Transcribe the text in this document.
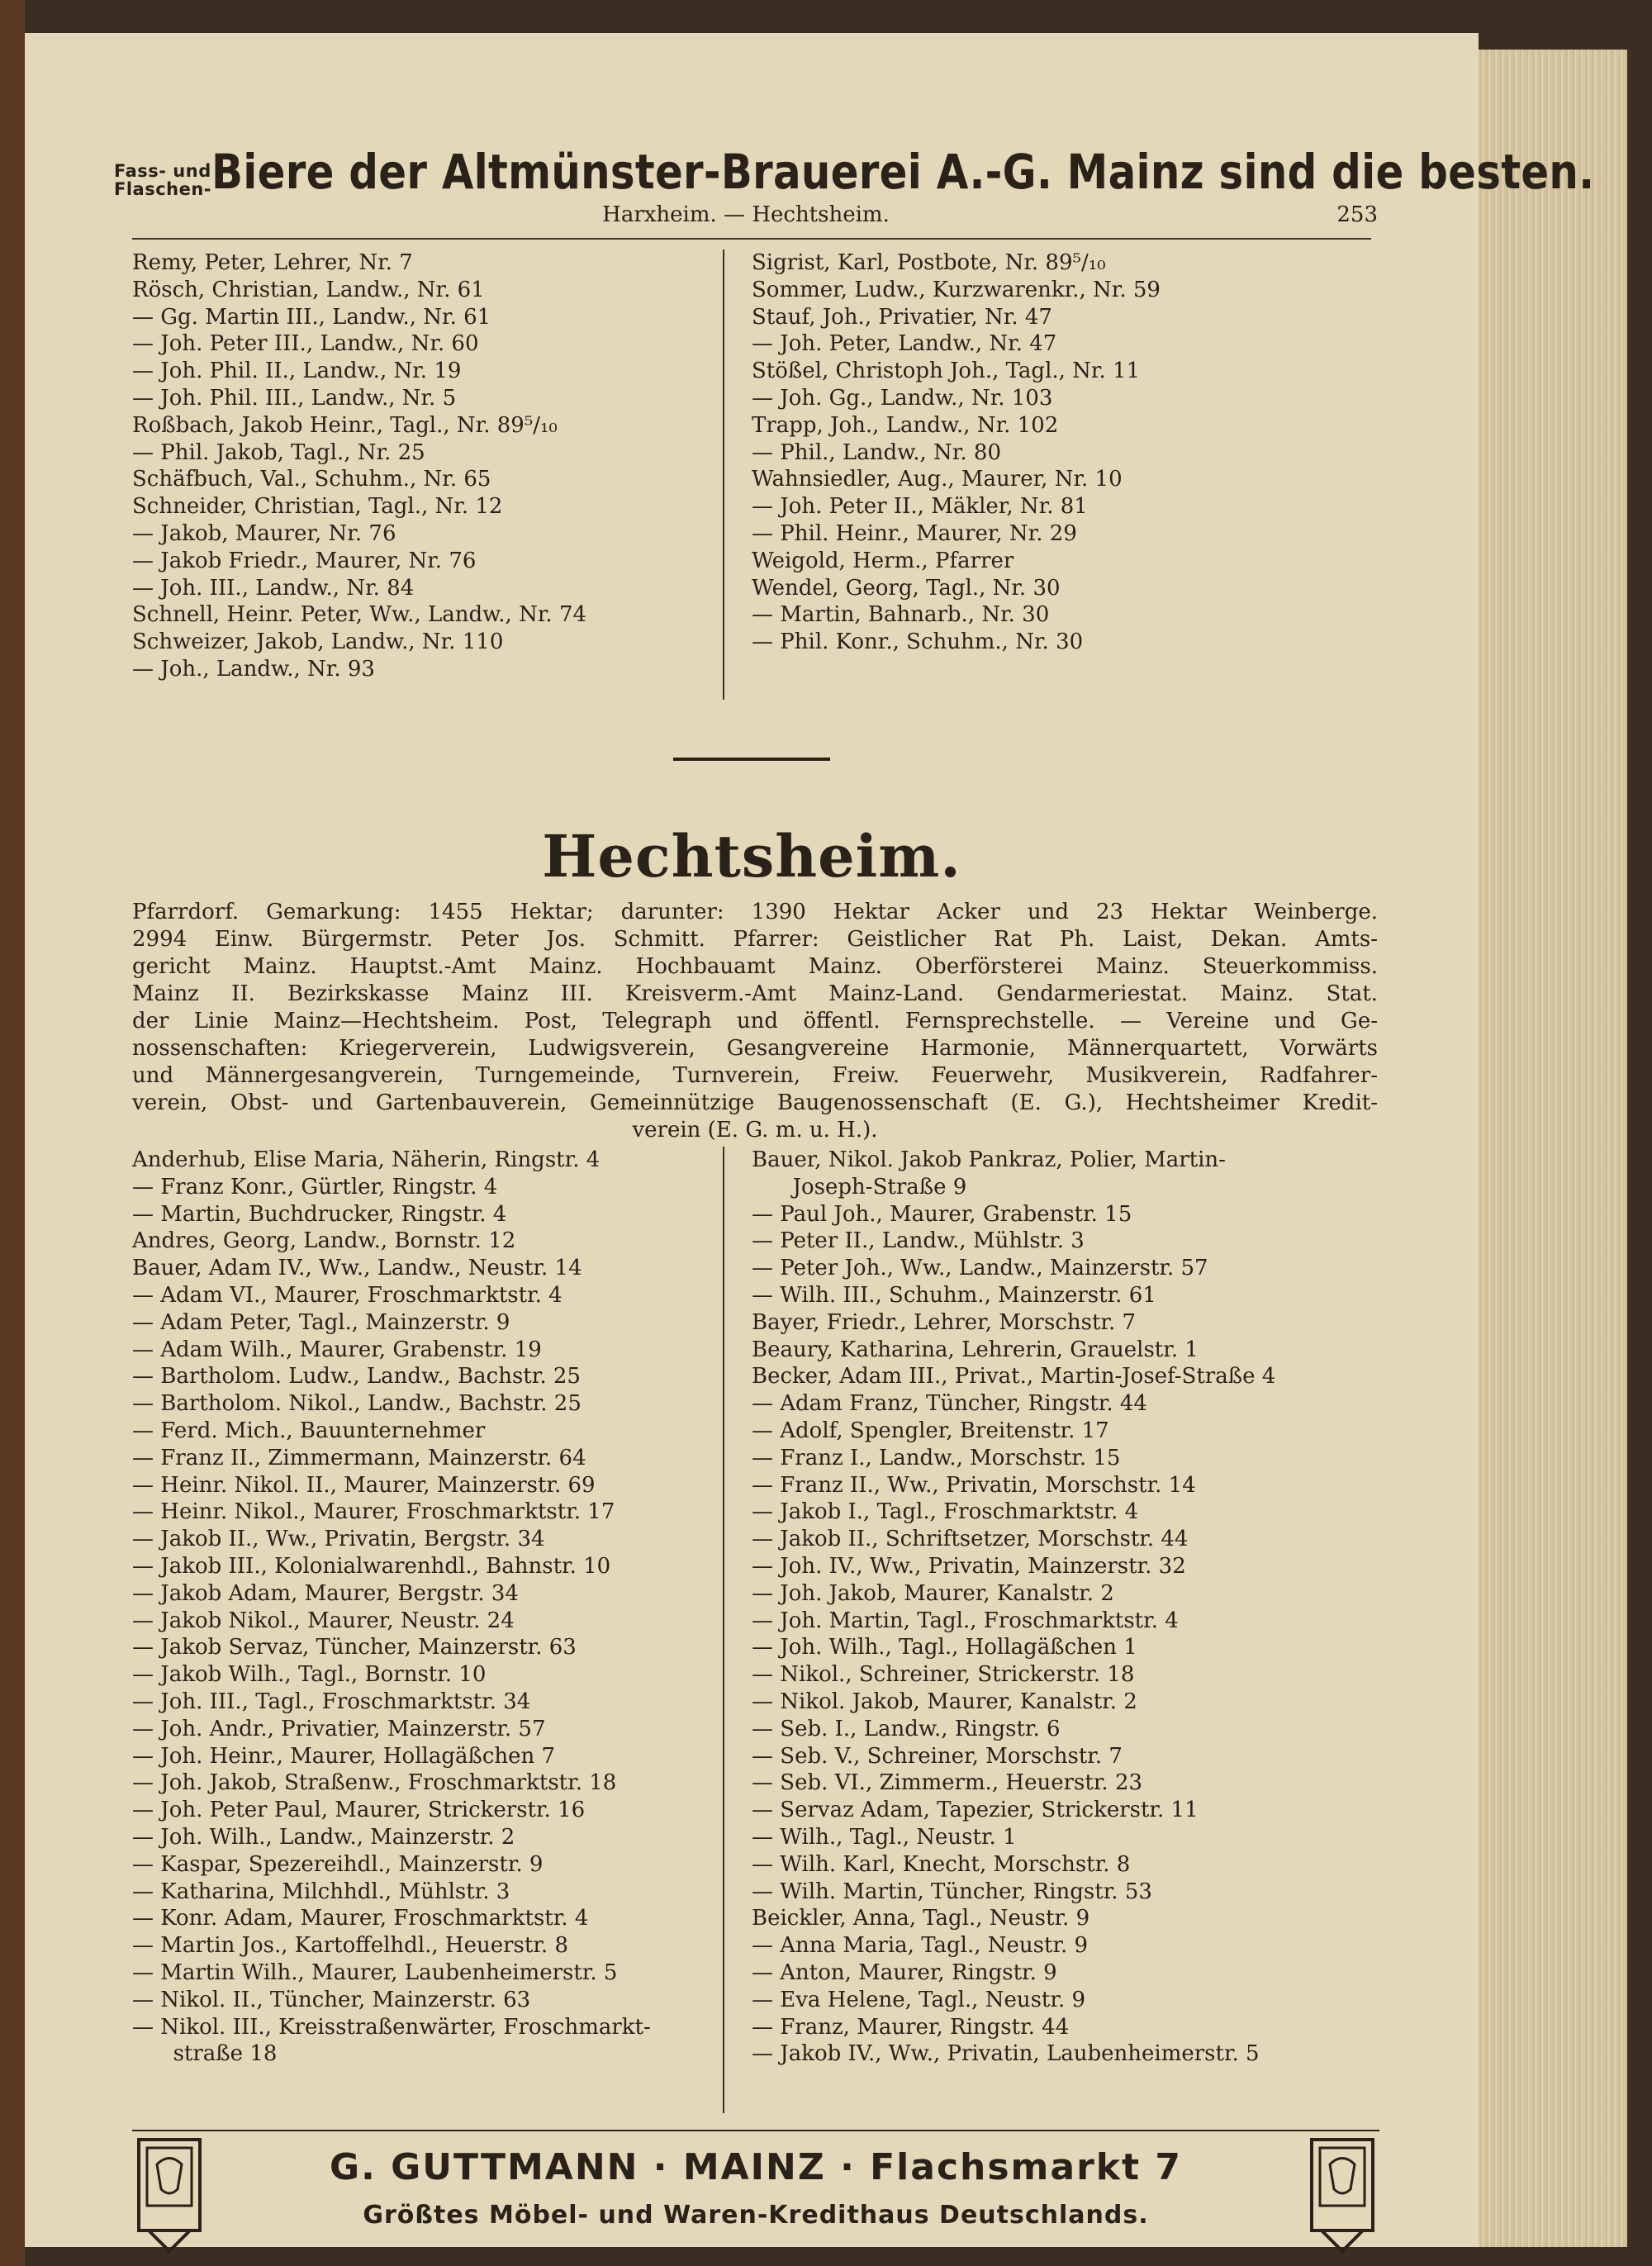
Fass- und
Flaschen- Biere der Altmünster-Brauerei A.-G. Mainz sind die besten.
Harxheim. — Hechtsheim.	253
Remy, Peter, Lehrer, Nr. 7
Rösch, Christian, Landw., Nr. 61
— Gg. Martin III., Landw., Nr. 61
— Joh. Peter III., Landw., Nr. 60
— Joh. Phil. II., Landw., Nr. 19
— Joh. Phil. III., Landw., Nr. 5
Roßbach, Jakob Heinr., Tagl., Nr. 89⁵/₁₀
— Phil. Jakob, Tagl., Nr. 25
Schäfbuch, Val., Schuhm., Nr. 65
Schneider, Christian, Tagl., Nr. 12
— Jakob, Maurer, Nr. 76
— Jakob Friedr., Maurer, Nr. 76
— Joh. III., Landw., Nr. 84
Schnell, Heinr. Peter, Ww., Landw., Nr. 74
Schweizer, Jakob, Landw., Nr. 110
— Joh., Landw., Nr. 93
Sigrist, Karl, Postbote, Nr. 89⁵/₁₀
Sommer, Ludw., Kurzwarenkr., Nr. 59
Stauf, Joh., Privatier, Nr. 47
— Joh. Peter, Landw., Nr. 47
Stößel, Christoph Joh., Tagl., Nr. 11
— Joh. Gg., Landw., Nr. 103
Trapp, Joh., Landw., Nr. 102
— Phil., Landw., Nr. 80
Wahnsiedler, Aug., Maurer, Nr. 10
— Joh. Peter II., Mäkler, Nr. 81
— Phil. Heinr., Maurer, Nr. 29
Weigold, Herm., Pfarrer
Wendel, Georg, Tagl., Nr. 30
— Martin, Bahnarb., Nr. 30
— Phil. Konr., Schuhm., Nr. 30
Hechtsheim.
Pfarrdorf. Gemarkung: 1455 Hektar; darunter: 1390 Hektar Acker und 23 Hektar Weinberge.
2994 Einw. Bürgermstr. Peter Jos. Schmitt. Pfarrer: Geistlicher Rat Ph. Laist, Dekan. Amts-
gericht Mainz. Hauptst.-Amt Mainz. Hochbauamt Mainz. Oberförsterei Mainz. Steuerkommiss.
Mainz II. Bezirkskasse Mainz III. Kreisverm.-Amt Mainz-Land. Gendarmeriestat. Mainz. Stat.
der Linie Mainz—Hechtsheim. Post, Telegraph und öffentl. Fernsprechstelle. — Vereine und Ge-
nossenschaften: Kriegerverein, Ludwigsverein, Gesangvereine Harmonie, Männerquartett, Vorwärts
und Männergesangverein, Turngemeinde, Turnverein, Freiw. Feuerwehr, Musikverein, Radfahrer-
verein, Obst- und Gartenbauverein, Gemeinnützige Baugenossenschaft (E. G.), Hechtsheimer Kredit-
verein (E. G. m. u. H.).
Anderhub, Elise Maria, Näherin, Ringstr. 4
— Franz Konr., Gürtler, Ringstr. 4
— Martin, Buchdrucker, Ringstr. 4
Andres, Georg, Landw., Bornstr. 12
Bauer, Adam IV., Ww., Landw., Neustr. 14
— Adam VI., Maurer, Froschmarktstr. 4
— Adam Peter, Tagl., Mainzerstr. 9
— Adam Wilh., Maurer, Grabenstr. 19
— Bartholom. Ludw., Landw., Bachstr. 25
— Bartholom. Nikol., Landw., Bachstr. 25
— Ferd. Mich., Bauunternehmer
— Franz II., Zimmermann, Mainzerstr. 64
— Heinr. Nikol. II., Maurer, Mainzerstr. 69
— Heinr. Nikol., Maurer, Froschmarktstr. 17
— Jakob II., Ww., Privatin, Bergstr. 34
— Jakob III., Kolonialwarenhdl., Bahnstr. 10
— Jakob Adam, Maurer, Bergstr. 34
— Jakob Nikol., Maurer, Neustr. 24
— Jakob Servaz, Tüncher, Mainzerstr. 63
— Jakob Wilh., Tagl., Bornstr. 10
— Joh. III., Tagl., Froschmarktstr. 34
— Joh. Andr., Privatier, Mainzerstr. 57
— Joh. Heinr., Maurer, Hollagäßchen 7
— Joh. Jakob, Straßenw., Froschmarktstr. 18
— Joh. Peter Paul, Maurer, Strickerstr. 16
— Joh. Wilh., Landw., Mainzerstr. 2
— Kaspar, Spezereihdl., Mainzerstr. 9
— Katharina, Milchhdl., Mühlstr. 3
— Konr. Adam, Maurer, Froschmarktstr. 4
— Martin Jos., Kartoffelhdl., Heuerstr. 8
— Martin Wilh., Maurer, Laubenheimerstr. 5
— Nikol. II., Tüncher, Mainzerstr. 63
— Nikol. III., Kreisstraßenwärter, Froschmarkt-
straße 18
Bauer, Nikol. Jakob Pankraz, Polier, Martin-
Joseph-Straße 9
— Paul Joh., Maurer, Grabenstr. 15
— Peter II., Landw., Mühlstr. 3
— Peter Joh., Ww., Landw., Mainzerstr. 57
— Wilh. III., Schuhm., Mainzerstr. 61
Bayer, Friedr., Lehrer, Morschstr. 7
Beaury, Katharina, Lehrerin, Grauelstr. 1
Becker, Adam III., Privat., Martin-Josef-Straße 4
— Adam Franz, Tüncher, Ringstr. 44
— Adolf, Spengler, Breitenstr. 17
— Franz I., Landw., Morschstr. 15
— Franz II., Ww., Privatin, Morschstr. 14
— Jakob I., Tagl., Froschmarktstr. 4
— Jakob II., Schriftsetzer, Morschstr. 44
— Joh. IV., Ww., Privatin, Mainzerstr. 32
— Joh. Jakob, Maurer, Kanalstr. 2
— Joh. Martin, Tagl., Froschmarktstr. 4
— Joh. Wilh., Tagl., Hollagäßchen 1
— Nikol., Schreiner, Strickerstr. 18
— Nikol. Jakob, Maurer, Kanalstr. 2
— Seb. I., Landw., Ringstr. 6
— Seb. V., Schreiner, Morschstr. 7
— Seb. VI., Zimmerm., Heuerstr. 23
— Servaz Adam, Tapezier, Strickerstr. 11
— Wilh., Tagl., Neustr. 1
— Wilh. Karl, Knecht, Morschstr. 8
— Wilh. Martin, Tüncher, Ringstr. 53
Beickler, Anna, Tagl., Neustr. 9
— Anna Maria, Tagl., Neustr. 9
— Anton, Maurer, Ringstr. 9
— Eva Helene, Tagl., Neustr. 9
— Franz, Maurer, Ringstr. 44
— Jakob IV., Ww., Privatin, Laubenheimerstr. 5
G. GUTTMANN · MAINZ · Flachsmarkt 7
Größtes Möbel- und Waren-Kredithaus Deutschlands.
